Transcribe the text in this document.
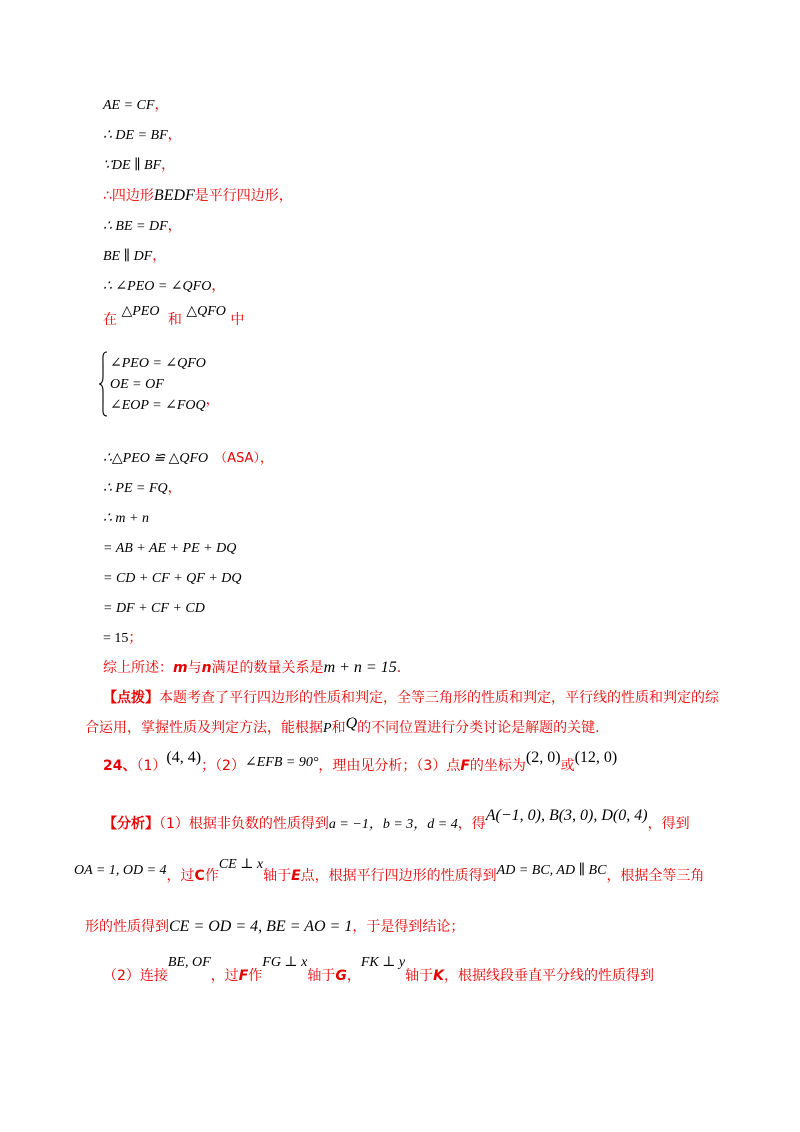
AE = CF，
∴ DE = BF，
∵DE ∥ BF，
∴四边形BEDF是平行四边形，
∴ BE = DF，
BE ∥ DF，
∴ ∠PEO = ∠QFO，
在 △PEO 和 △QFO 中
∠PEO = ∠QFO
OE = OF
∠EOP = ∠FOQ，
∴△PEO ≌ △QFO （ASA），
∴ PE = FQ，
∴ m + n
= AB + AE + PE + DQ
= CD + CF + QF + DQ
= DF + CF + CD
= 15；
综上所述：m与n满足的数量关系是m + n = 15.
【点拨】本题考查了平行四边形的性质和判定，全等三角形的性质和判定，平行线的性质和判定的综
合运用，掌握性质及判定方法，能根据P和Q的不同位置进行分类讨论是解题的关键.
24、（1）(4, 4)；（2）∠EFB = 90°，理由见分析；（3）点F的坐标为(2, 0)或(12, 0)
【分析】（1）根据非负数的性质得到a = −1，b = 3，d = 4，得A(−1, 0), B(3, 0), D(0, 4)，得到
OA = 1, OD = 4，过C作CE ⊥ x轴于E点，根据平行四边形的性质得到AD = BC, AD ∥ BC，根据全等三角
形的性质得到CE = OD = 4, BE = AO = 1，于是得到结论；
（2）连接BE, OF，过F作FG ⊥ x轴于G，FK ⊥ y轴于K，根据线段垂直平分线的性质得到
